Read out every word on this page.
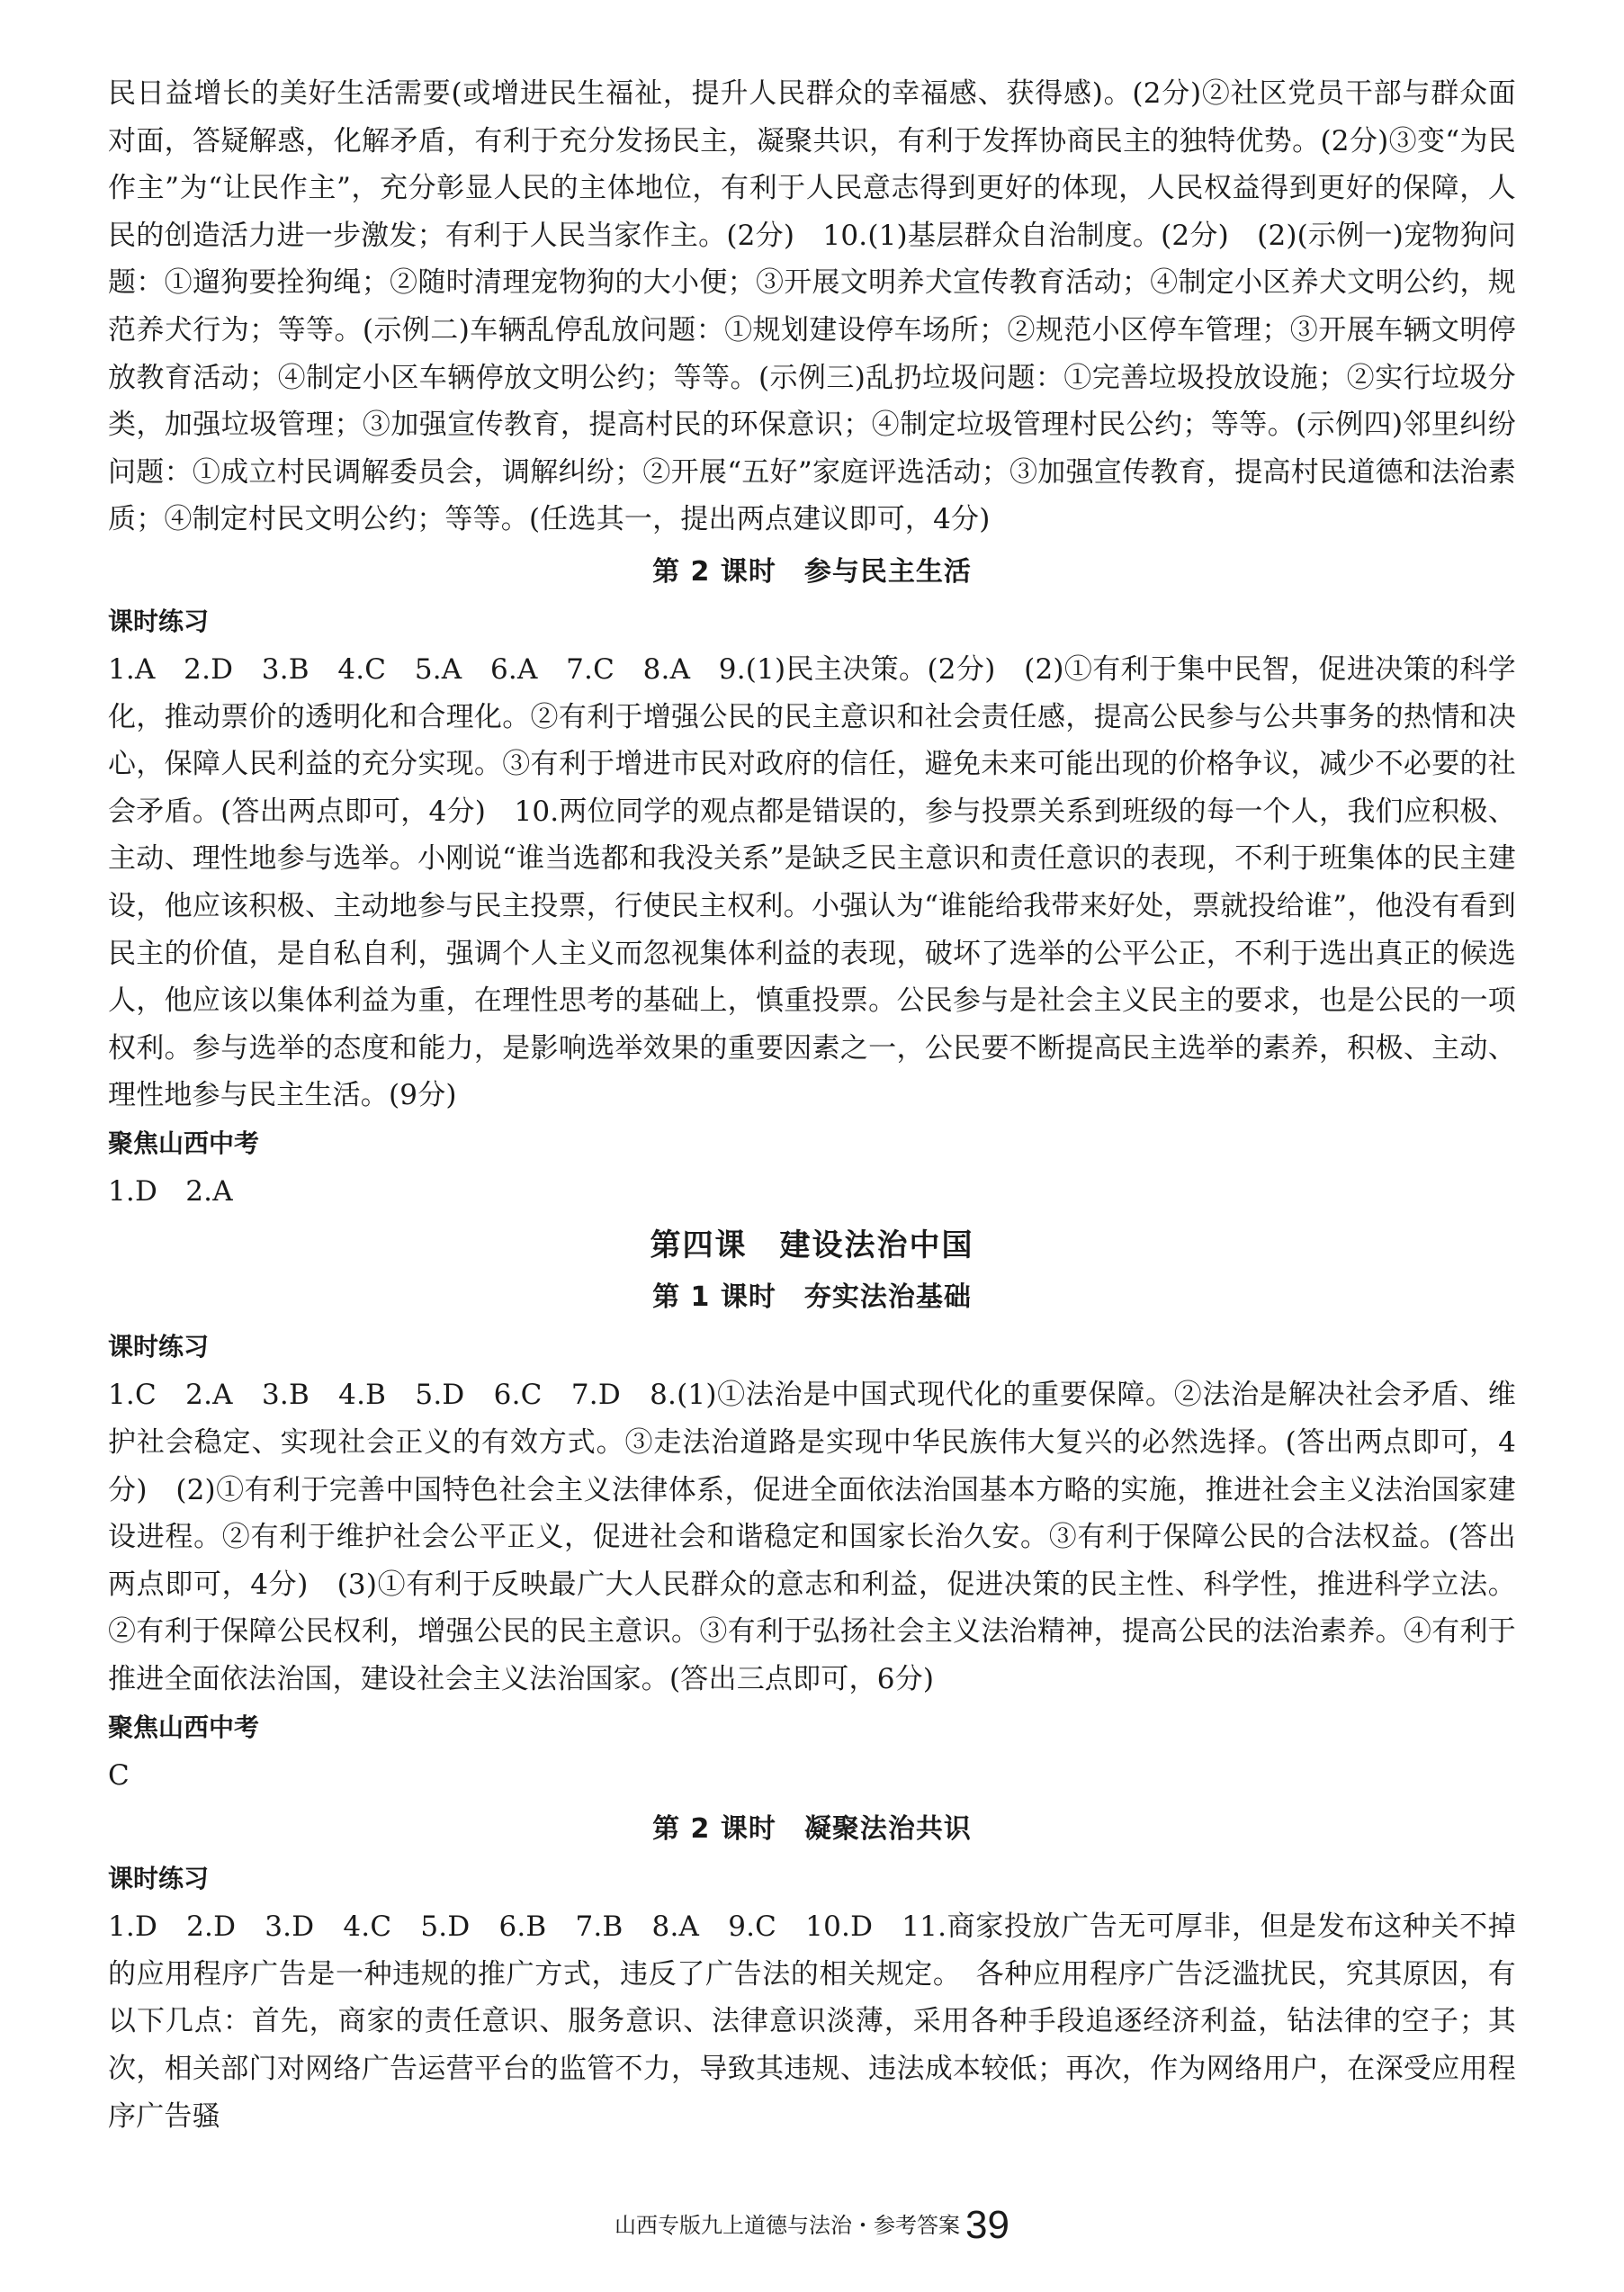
民日益增长的美好生活需要(或增进民生福祉，提升人民群众的幸福感、获得感)。(2分)②社区党员干部与群众面对面，答疑解惑，化解矛盾，有利于充分发扬民主，凝聚共识，有利于发挥协商民主的独特优势。(2分)③变“为民作主”为“让民作主”，充分彰显人民的主体地位，有利于人民意志得到更好的体现，人民权益得到更好的保障，人民的创造活力进一步激发；有利于人民当家作主。(2分)　10.(1)基层群众自治制度。(2分)　(2)(示例一)宠物狗问题：①遛狗要拴狗绳；②随时清理宠物狗的大小便；③开展文明养犬宣传教育活动；④制定小区养犬文明公约，规范养犬行为；等等。(示例二)车辆乱停乱放问题：①规划建设停车场所；②规范小区停车管理；③开展车辆文明停放教育活动；④制定小区车辆停放文明公约；等等。(示例三)乱扔垃圾问题：①完善垃圾投放设施；②实行垃圾分类，加强垃圾管理；③加强宣传教育，提高村民的环保意识；④制定垃圾管理村民公约；等等。(示例四)邻里纠纷问题：①成立村民调解委员会，调解纠纷；②开展“五好”家庭评选活动；③加强宣传教育，提高村民道德和法治素质；④制定村民文明公约；等等。(任选其一，提出两点建议即可，4分)

第 2 课时　参与民主生活

课时练习

1.A　2.D　3.B　4.C　5.A　6.A　7.C　8.A　9.(1)民主决策。(2分)　(2)①有利于集中民智，促进决策的科学化，推动票价的透明化和合理化。②有利于增强公民的民主意识和社会责任感，提高公民参与公共事务的热情和决心，保障人民利益的充分实现。③有利于增进市民对政府的信任，避免未来可能出现的价格争议，减少不必要的社会矛盾。(答出两点即可，4分)　10.两位同学的观点都是错误的，参与投票关系到班级的每一个人，我们应积极、主动、理性地参与选举。小刚说“谁当选都和我没关系”是缺乏民主意识和责任意识的表现，不利于班集体的民主建设，他应该积极、主动地参与民主投票，行使民主权利。小强认为“谁能给我带来好处，票就投给谁”，他没有看到民主的价值，是自私自利，强调个人主义而忽视集体利益的表现，破坏了选举的公平公正，不利于选出真正的候选人，他应该以集体利益为重，在理性思考的基础上，慎重投票。公民参与是社会主义民主的要求，也是公民的一项权利。参与选举的态度和能力，是影响选举效果的重要因素之一，公民要不断提高民主选举的素养，积极、主动、理性地参与民主生活。(9分)

聚焦山西中考

1.D　2.A

第四课　建设法治中国

第 1 课时　夯实法治基础

课时练习

1.C　2.A　3.B　4.B　5.D　6.C　7.D　8.(1)①法治是中国式现代化的重要保障。②法治是解决社会矛盾、维护社会稳定、实现社会正义的有效方式。③走法治道路是实现中华民族伟大复兴的必然选择。(答出两点即可，4分)　(2)①有利于完善中国特色社会主义法律体系，促进全面依法治国基本方略的实施，推进社会主义法治国家建设进程。②有利于维护社会公平正义，促进社会和谐稳定和国家长治久安。③有利于保障公民的合法权益。(答出两点即可，4分)　(3)①有利于反映最广大人民群众的意志和利益，促进决策的民主性、科学性，推进科学立法。②有利于保障公民权利，增强公民的民主意识。③有利于弘扬社会主义法治精神，提高公民的法治素养。④有利于推进全面依法治国，建设社会主义法治国家。(答出三点即可，6分)

聚焦山西中考

C

第 2 课时　凝聚法治共识

课时练习

1.D　2.D　3.D　4.C　5.D　6.B　7.B　8.A　9.C　10.D　11.商家投放广告无可厚非，但是发布这种关不掉的应用程序广告是一种违规的推广方式，违反了广告法的相关规定。　各种应用程序广告泛滥扰民，究其原因，有以下几点：首先，商家的责任意识、服务意识、法律意识淡薄，采用各种手段追逐经济利益，钻法律的空子；其次，相关部门对网络广告运营平台的监管不力，导致其违规、违法成本较低；再次，作为网络用户，在深受应用程序广告骚

山西专版九上道德与法治・参考答案 39
